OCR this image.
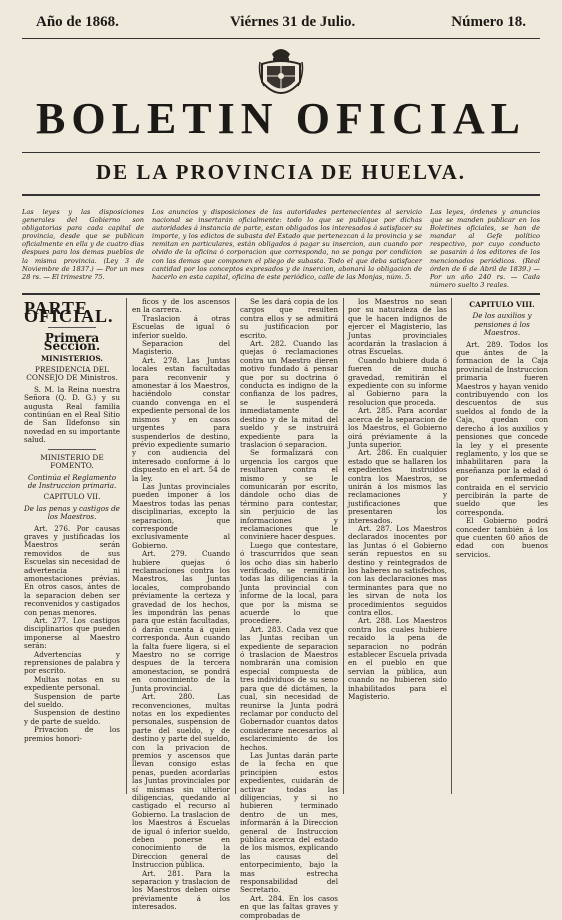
Año de 1868.	Viérnes 31 de Julio.	Número 18.
BOLETIN OFICIAL
DE LA PROVINCIA DE HUELVA.
Las leyes y las disposiciones generales del Gobierno son obligatorias para cada capital de provincia, desde que se publican oficialmente en ella y de cuatro dias despues para los demas pueblos de la misma provincia. (Ley 3 de Noviembre de 1837.) — Por un mes 28 rs. — El trimestre 75.
Los anuncios y disposiciones de las autoridades pertenecientes al servicio nacional se insertarán oficialmente: todo lo que se publique por dichas autoridades á instancia de parte, estan obligados los interesados á satisfacer su importe, y los edictos de subasta del Estado que pertenezcan á la provincia y se remitan en particulares, están obligados á pagar su insercion, aun cuando por olvido de la oficina ó corporacion que corresponda, no se ponga por condicion con las demas que componen el pliego de subasta. Todo el que deba satisfacer cantidad por los conceptos expresados y de insercion, abonará la obligacion de hacerlo en esta capital, oficina de este periódico, calle de las Monjas, núm. 5.
Las leyes, órdenes y anuncios que se manden publicar en los Boletines oficiales, se han de mandar al Gefe político respectivo, por cuyo conducto se pasarán á los editores de los mencionados periódicos. (Real órden de 6 de Abril de 1839.) — Por un año 240 rs. — Cada número suelto 3 reales.
PARTE OFICIAL.
Primera Seccion.
MINISTERIOS.
PRESIDENCIA DEL CONSEJO DE Ministros.

S. M. la Reina nuestra Señora (Q. D. G.) y su augusta Real familia continúan en el Real Sitio de San Ildefonso sin novedad en su importante salud.

MINISTERIO DE FOMENTO.
Continúa el Reglamento de Instruccion primaria.
CAPITULO VII.
De las penas y castigos de los Maestros.

Art. 276. Por causas graves y justificadas los Maestros serán removidos de sus Escuelas sin necesidad de advertencia ni amonestaciones prévias. En otros casos, ántes de la separacion deben ser reconvenidos y castigados con penas menores.

Art. 277. Los castigos disciplinarios que pueden imponerse al Maestro serán:

Advertencias y reprensiones de palabra y por escrito.

Multas notas en su expediente personal.

Suspension de parte del sueldo.

Suspension de destino y de parte de sueldo.

Privacion de los premios honori-

ficos y de los ascensos en la carrera.

Traslacion á otras Escuelas de igual ó inferior sueldo.

Separacion del Magisterio.

Art. 278. Las Juntas locales estan facultadas para reconvenir y amonestar á los Maestros, haciéndolo constar cuando convenga en el expediente personal de los mismos y en casos urgentes para suspenderlos de destino, prévio expediente sumario y con audiencia del interesado conforme á lo dispuesto en el art. 54 de la ley.

Las Juntas provinciales pueden imponer á los Maestros todas las penas disciplinarias, excepto la separacion, que corresponde exclusivamente al Gobierno.

Art. 279. Cuando hubiere quejas ó reclamaciones contra los Maestros, las Juntas locales, comprobando préviamente la certeza y gravedad de los hechos, les impondrán las penas para que están facultadas, ó darán cuenta á quien corresponda. Aun cuando la falta fuere ligera, si el Maestro no se corrige despues de la tercera amonestacion, se pondrá en conocimiento de la Junta provincial.

Art. 280. Las reconvenciones, multas notas en los expedientes personales, suspension de parte del sueldo, y de destino y parte del sueldo, con la privacion de premios y ascensos que llevan consigo estas penas, pueden acordarlas las Juntas provinciales por sí mismas sin ulterior diligencias, quedando al castigado el recurso al Gobierno. La traslacion de los Maestros á Escuelas de igual ó inferior sueldo, deben ponerse en conocimiento de la Direccion general de Instruccion pública.

Art. 281. Para la separacion y traslacion de los Maestros deben oirse préviamente á los interesados.

Se les dará copia de los cargos que resulten contra ellos y se admitirá su justificacion por escrito.

Art. 282. Cuando las quejas ó reclamaciones contra un Maestro dieren motivo fundado á pensar que por su doctrina ó conducta es indigno de la confianza de los padres, se le suspenderá inmediatamente de destino y de la mitad del sueldo y se instruirá expediente para la traslacion ó separacion.

Se formalizará con urgencia los cargos que resultaren contra el mismo y se le comunicarán por escrito, dándole ocho dias de término para contestar, sin perjuicio de las informaciones y reclamaciones que le conviniere hacer despues.

Luego que contestare, ó trascurridos que sean los ocho dias sin haberlo verificado, se remitirán todas las diligencias á la Junta provincial con informe de la local, para que por la misma se acuerde lo que procediere.

Art. 283. Cada vez que las Juntas reciban un expediente de separacion ó traslacion de Maestros nombrarán una comision especial compuesta de tres individuos de su seno para que dé dictámen, la cual, sin necesidad de reunirse la Junta podrá reclamar por conducto del Gobernador cuantos datos considerare necesarios al esclarecimiento de los hechos.

Las Juntas darán parte de la fecha en que principien estos expedientes, cuidarán de activar todas las diligencias, y si no hubieren terminado dentro de un mes, informarán á la Direccion general de Instruccion pública acerca del estado de los mismos, explicando las causas del entorpecimiento, bajo la mas estrecha responsabilidad del Secretario.

Art. 284. En los casos en que las faltas graves y comprobadas de

los Maestros no sean por su naturaleza de las que le hacen indignos de ejercer el Magisterio, las Juntas provinciales acordarán la traslacion á otras Escuelas.

Cuando hubiere duda ó fueren de mucha gravedad, remitirán el expediente con su informe al Gobierno para la resolucion que proceda.

Art. 285. Para acordar acerca de la separacion de los Maestros, el Gobierno oirá préviamente á la Junta superior.

Art. 286. En cualquier estado que se hallaren los expedientes instruidos contra los Maestros, se unirán á los mismos las reclamaciones y justificaciones que presentaren los interesados.

Art. 287. Los Maestros declarados inocentes por las Juntas ó el Gobierno serán repuestos en su destino y reintegrados de los haberes no satisfechos, con las declaraciones mas terminantes para que no les sirvan de nota los procedimientos seguidos contra ellos.

Art. 288. Los Maestros contra los cuales hubiere recaido la pena de separacion no podrán establecer Escuela privada en el pueblo en que servian la pública, aun cuando no hubieren sido inhabilitados para el Magisterio.

CAPITULO VIII.
De los auxilios y pensiones á los Maestros.

Art. 289. Todos los que ántes de la formacion de la Caja provincial de Instruccion primaria fueren Maestros y hayan venido contribuyendo con los descuentos de sus sueldos al fondo de la Caja, quedan con derecho á los auxilios y pensiones que concede la ley y el presente reglamento, y los que se inhabilitaren para la enseñanza por la edad ó por enfermedad contraida en el servicio percibirán la parte de sueldo que les corresponda.

El Gobierno podrá conceder también á los que cuenten 60 años de edad con buenos servicios.
